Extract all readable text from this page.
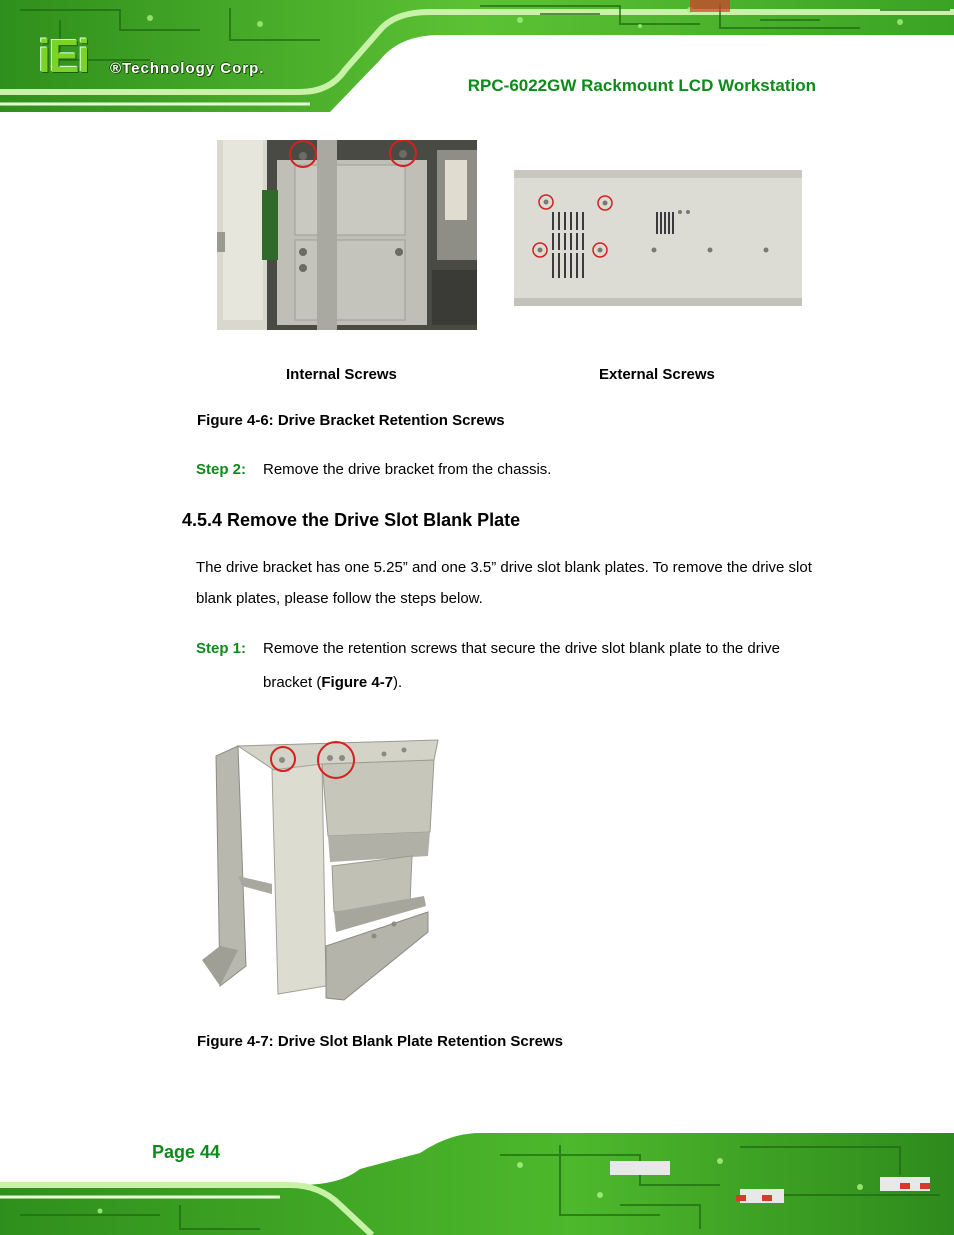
iEi ®Technology Corp.
RPC-6022GW Rackmount LCD Workstation
Internal Screws	External Screws
Figure 4-6: Drive Bracket Retention Screws
Step 2: Remove the drive bracket from the chassis.
4.5.4 Remove the Drive Slot Blank Plate
The drive bracket has one 5.25” and one 3.5” drive slot blank plates. To remove the drive slot blank plates, please follow the steps below.
Step 1: Remove the retention screws that secure the drive slot blank plate to the drive bracket (Figure 4-7).
Figure 4-7: Drive Slot Blank Plate Retention Screws
Page 44
